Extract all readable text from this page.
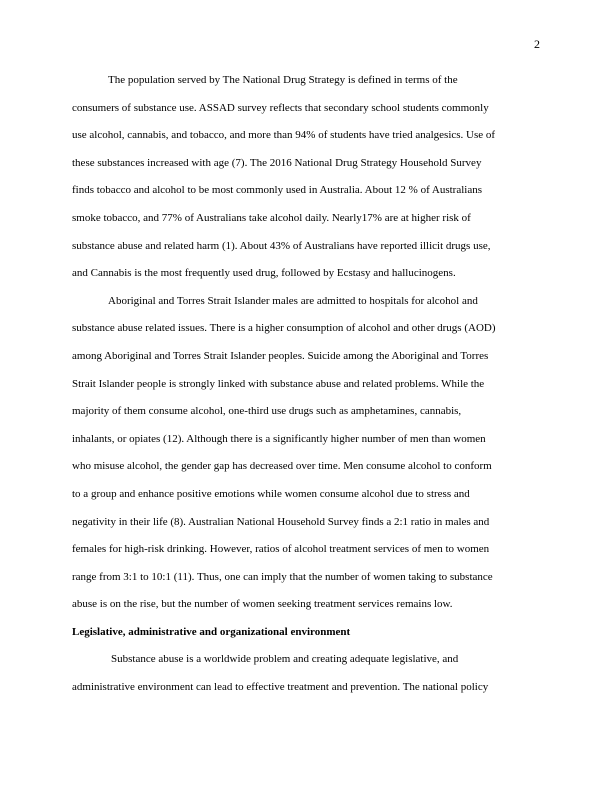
2

The population served by The National Drug Strategy is defined in terms of the
consumers of substance use. ASSAD survey reflects that secondary school students commonly
use alcohol, cannabis, and tobacco, and more than 94% of students have tried analgesics. Use of
these substances increased with age (7). The 2016 National Drug Strategy Household Survey
finds tobacco and alcohol to be most commonly used in Australia. About 12 % of Australians
smoke tobacco, and 77% of Australians take alcohol daily. Nearly17% are at higher risk of
substance abuse and related harm (1). About 43% of Australians have reported illicit drugs use,
and Cannabis is the most frequently used drug, followed by Ecstasy and hallucinogens.

Aboriginal and Torres Strait Islander males are admitted to hospitals for alcohol and
substance abuse related issues. There is a higher consumption of alcohol and other drugs (AOD)
among Aboriginal and Torres Strait Islander peoples. Suicide among the Aboriginal and Torres
Strait Islander people is strongly linked with substance abuse and related problems. While the
majority of them consume alcohol, one-third use drugs such as amphetamines, cannabis,
inhalants, or opiates (12). Although there is a significantly higher number of men than women
who misuse alcohol, the gender gap has decreased over time. Men consume alcohol to conform
to a group and enhance positive emotions while women consume alcohol due to stress and
negativity in their life (8). Australian National Household Survey finds a 2:1 ratio in males and
females for high-risk drinking. However, ratios of alcohol treatment services of men to women
range from 3:1 to 10:1 (11). Thus, one can imply that the number of women taking to substance
abuse is on the rise, but the number of women seeking treatment services remains low.

Legislative, administrative and organizational environment

Substance abuse is a worldwide problem and creating adequate legislative, and
administrative environment can lead to effective treatment and prevention. The national policy
